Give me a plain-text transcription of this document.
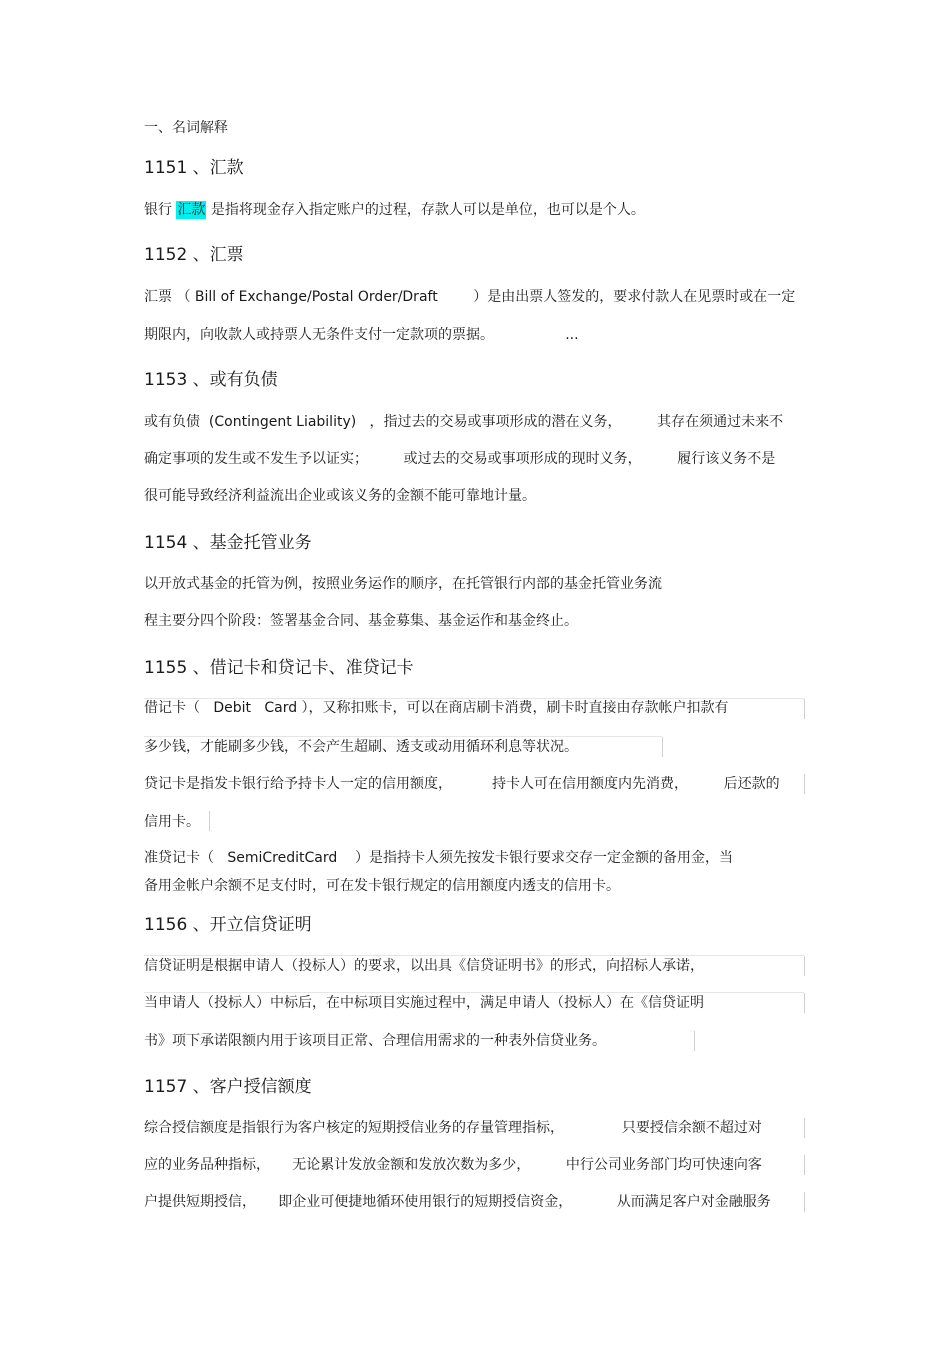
一、名词解释
1151 、汇款
银行 汇款 是指将现金存入指定账户的过程，存款人可以是单位，也可以是个人。
1152 、汇票
汇票 （ Bill of Exchange/Postal Order/Draft        ）是由出票人签发的，要求付款人在见票时或在一定
期限内，向收款人或持票人无条件支付一定款项的票据。                ...
1153 、或有负债
或有负债  (Contingent Liability)   ，指过去的交易或事项形成的潜在义务，        其存在须通过未来不
确定事项的发生或不发生予以证实；        或过去的交易或事项形成的现时义务，        履行该义务不是
很可能导致经济利益流出企业或该义务的金额不能可靠地计量。
1154 、基金托管业务
以开放式基金的托管为例，按照业务运作的顺序，在托管银行内部的基金托管业务流
程主要分四个阶段：签署基金合同、基金募集、基金运作和基金终止。
1155 、借记卡和贷记卡、准贷记卡
借记卡（   Debit   Card ），又称扣账卡，可以在商店刷卡消费，刷卡时直接由存款帐户扣款有
多少钱，才能刷多少钱，不会产生超刷、透支或动用循环利息等状况。
贷记卡是指发卡银行给予持卡人一定的信用额度，         持卡人可在信用额度内先消费，        后还款的
信用卡。
准贷记卡（   SemiCreditCard    ）是指持卡人须先按发卡银行要求交存一定金额的备用金，当
备用金帐户余额不足支付时，可在发卡银行规定的信用额度内透支的信用卡。
1156 、开立信贷证明
信贷证明是根据申请人（投标人）的要求，以出具《信贷证明书》的形式，向招标人承诺，
当申请人（投标人）中标后，在中标项目实施过程中，满足申请人（投标人）在《信贷证明
书》项下承诺限额内用于该项目正常、合理信用需求的一种表外信贷业务。
1157 、客户授信额度
综合授信额度是指银行为客户核定的短期授信业务的存量管理指标，             只要授信余额不超过对
应的业务品种指标，     无论累计发放金额和发放次数为多少，        中行公司业务部门均可快速向客
户提供短期授信，     即企业可便捷地循环使用银行的短期授信资金，          从而满足客户对金融服务
